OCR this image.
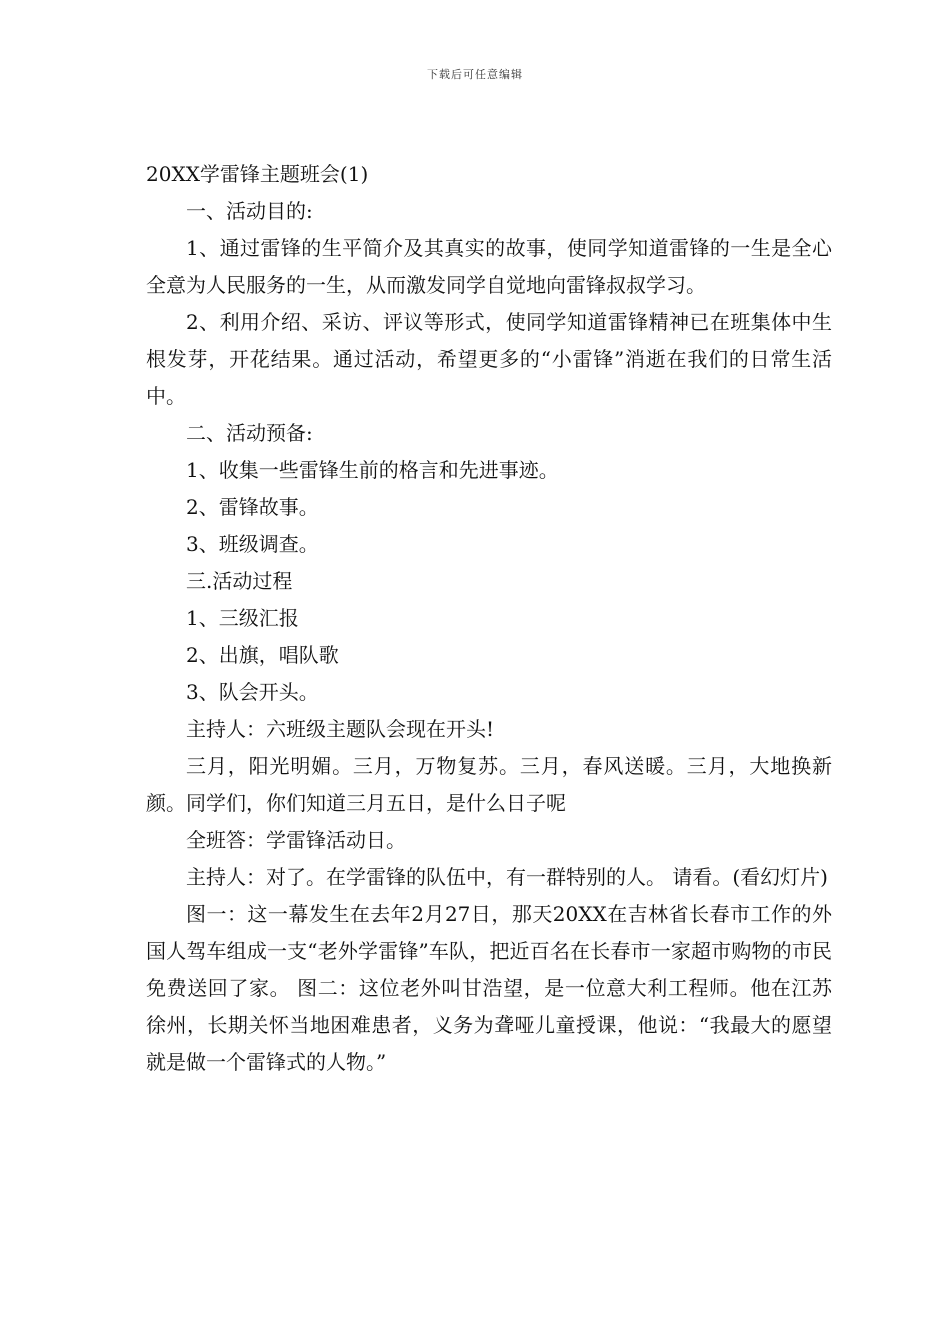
下载后可任意编辑
20XX学雷锋主题班会(1)

一、活动目的:

1、通过雷锋的生平简介及其真实的故事，使同学知道雷锋的一生是全心全意为人民服务的一生，从而激发同学自觉地向雷锋叔叔学习。

2、利用介绍、采访、评议等形式，使同学知道雷锋精神已在班集体中生根发芽，开花结果。通过活动，希望更多的“小雷锋”消逝在我们的日常生活中。

二、活动预备:

1、收集一些雷锋生前的格言和先进事迹。

2、雷锋故事。

3、班级调查。

三.活动过程

1、三级汇报

2、出旗，唱队歌

3、队会开头。

主持人：六班级主题队会现在开头!

三月，阳光明媚。三月，万物复苏。三月，春风送暖。三月，大地换新颜。同学们，你们知道三月五日，是什么日子呢

全班答：学雷锋活动日。

主持人：对了。在学雷锋的队伍中，有一群特别的人。 请看。(看幻灯片)

图一：这一幕发生在去年2月27日，那天20XX在吉林省长春市工作的外国人驾车组成一支“老外学雷锋”车队，把近百名在长春市一家超市购物的市民免费送回了家。 图二：这位老外叫甘浩望，是一位意大利工程师。他在江苏徐州，长期关怀当地困难患者，义务为聋哑儿童授课，他说：“我最大的愿望就是做一个雷锋式的人物。”
